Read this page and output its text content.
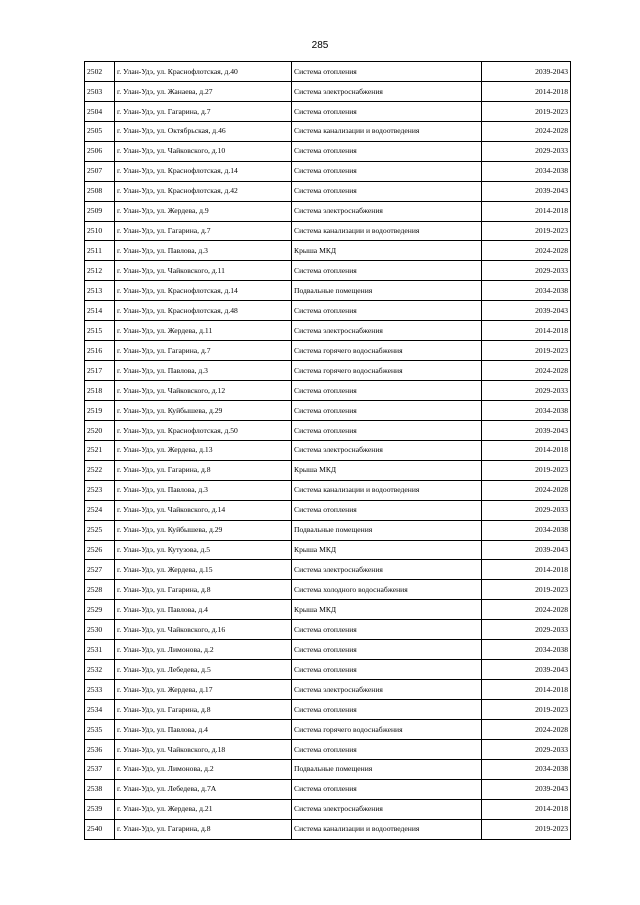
285
2502	г. Улан-Удэ, ул. Краснофлотская, д.40	Система отопления	2039-2043
2503	г. Улан-Удэ, ул. Жанаева, д.27	Система электроснабжения	2014-2018
2504	г. Улан-Удэ, ул. Гагарина, д.7	Система отопления	2019-2023
2505	г. Улан-Удэ, ул. Октябрьская, д.46	Система канализации и водоотведения	2024-2028
2506	г. Улан-Удэ, ул. Чайковского, д.10	Система отопления	2029-2033
2507	г. Улан-Удэ, ул. Краснофлотская, д.14	Система отопления	2034-2038
2508	г. Улан-Удэ, ул. Краснофлотская, д.42	Система отопления	2039-2043
2509	г. Улан-Удэ, ул. Жердева, д.9	Система электроснабжения	2014-2018
2510	г. Улан-Удэ, ул. Гагарина, д.7	Система канализации и водоотведения	2019-2023
2511	г. Улан-Удэ, ул. Павлова, д.3	Крыша МКД	2024-2028
2512	г. Улан-Удэ, ул. Чайковского, д.11	Система отопления	2029-2033
2513	г. Улан-Удэ, ул. Краснофлотская, д.14	Подвальные помещения	2034-2038
2514	г. Улан-Удэ, ул. Краснофлотская, д.48	Система отопления	2039-2043
2515	г. Улан-Удэ, ул. Жердева, д.11	Система электроснабжения	2014-2018
2516	г. Улан-Удэ, ул. Гагарина, д.7	Система горячего водоснабжения	2019-2023
2517	г. Улан-Удэ, ул. Павлова, д.3	Система горячего водоснабжения	2024-2028
2518	г. Улан-Удэ, ул. Чайковского, д.12	Система отопления	2029-2033
2519	г. Улан-Удэ, ул. Куйбышева, д.29	Система отопления	2034-2038
2520	г. Улан-Удэ, ул. Краснофлотская, д.50	Система отопления	2039-2043
2521	г. Улан-Удэ, ул. Жердева, д.13	Система электроснабжения	2014-2018
2522	г. Улан-Удэ, ул. Гагарина, д.8	Крыша МКД	2019-2023
2523	г. Улан-Удэ, ул. Павлова, д.3	Система канализации и водоотведения	2024-2028
2524	г. Улан-Удэ, ул. Чайковского, д.14	Система отопления	2029-2033
2525	г. Улан-Удэ, ул. Куйбышева, д.29	Подвальные помещения	2034-2038
2526	г. Улан-Удэ, ул. Кутузова, д.5	Крыша МКД	2039-2043
2527	г. Улан-Удэ, ул. Жердева, д.15	Система электроснабжения	2014-2018
2528	г. Улан-Удэ, ул. Гагарина, д.8	Система холодного водоснабжения	2019-2023
2529	г. Улан-Удэ, ул. Павлова, д.4	Крыша МКД	2024-2028
2530	г. Улан-Удэ, ул. Чайковского, д.16	Система отопления	2029-2033
2531	г. Улан-Удэ, ул. Лимонова, д.2	Система отопления	2034-2038
2532	г. Улан-Удэ, ул. Лебедева, д.5	Система отопления	2039-2043
2533	г. Улан-Удэ, ул. Жердева, д.17	Система электроснабжения	2014-2018
2534	г. Улан-Удэ, ул. Гагарина, д.8	Система отопления	2019-2023
2535	г. Улан-Удэ, ул. Павлова, д.4	Система горячего водоснабжения	2024-2028
2536	г. Улан-Удэ, ул. Чайковского, д.18	Система отопления	2029-2033
2537	г. Улан-Удэ, ул. Лимонова, д.2	Подвальные помещения	2034-2038
2538	г. Улан-Удэ, ул. Лебедева, д.7А	Система отопления	2039-2043
2539	г. Улан-Удэ, ул. Жердева, д.21	Система электроснабжения	2014-2018
2540	г. Улан-Удэ, ул. Гагарина, д.8	Система канализации и водоотведения	2019-2023
